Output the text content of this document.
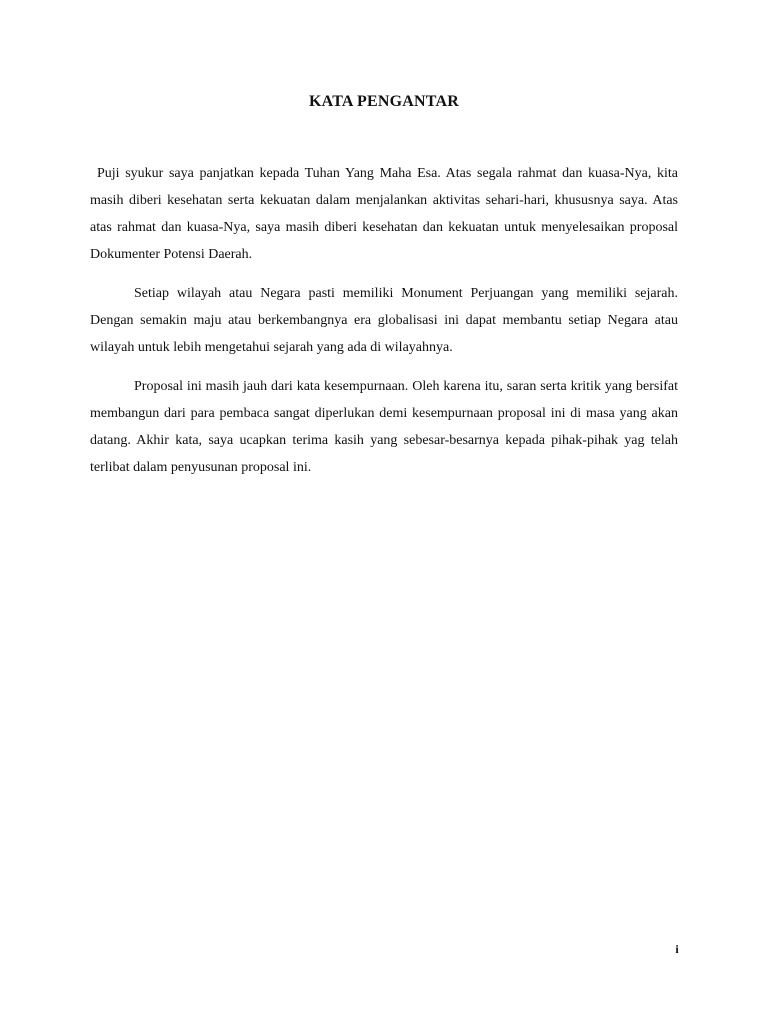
KATA PENGANTAR

Puji syukur saya panjatkan kepada Tuhan Yang Maha Esa. Atas segala rahmat dan kuasa-Nya, kita masih diberi kesehatan serta kekuatan dalam menjalankan aktivitas sehari-hari, khususnya saya. Atas atas rahmat dan kuasa-Nya, saya masih diberi kesehatan dan kekuatan untuk menyelesaikan proposal Dokumenter Potensi Daerah.

Setiap wilayah atau Negara pasti memiliki Monument Perjuangan yang memiliki sejarah. Dengan semakin maju atau berkembangnya era globalisasi ini dapat membantu setiap Negara atau wilayah untuk lebih mengetahui sejarah yang ada di wilayahnya.

Proposal ini masih jauh dari kata kesempurnaan. Oleh karena itu, saran serta kritik yang bersifat membangun dari para pembaca sangat diperlukan demi kesempurnaan proposal ini di masa yang akan datang. Akhir kata, saya ucapkan terima kasih yang sebesar-besarnya kepada pihak-pihak yag telah terlibat dalam penyusunan proposal ini.

i
